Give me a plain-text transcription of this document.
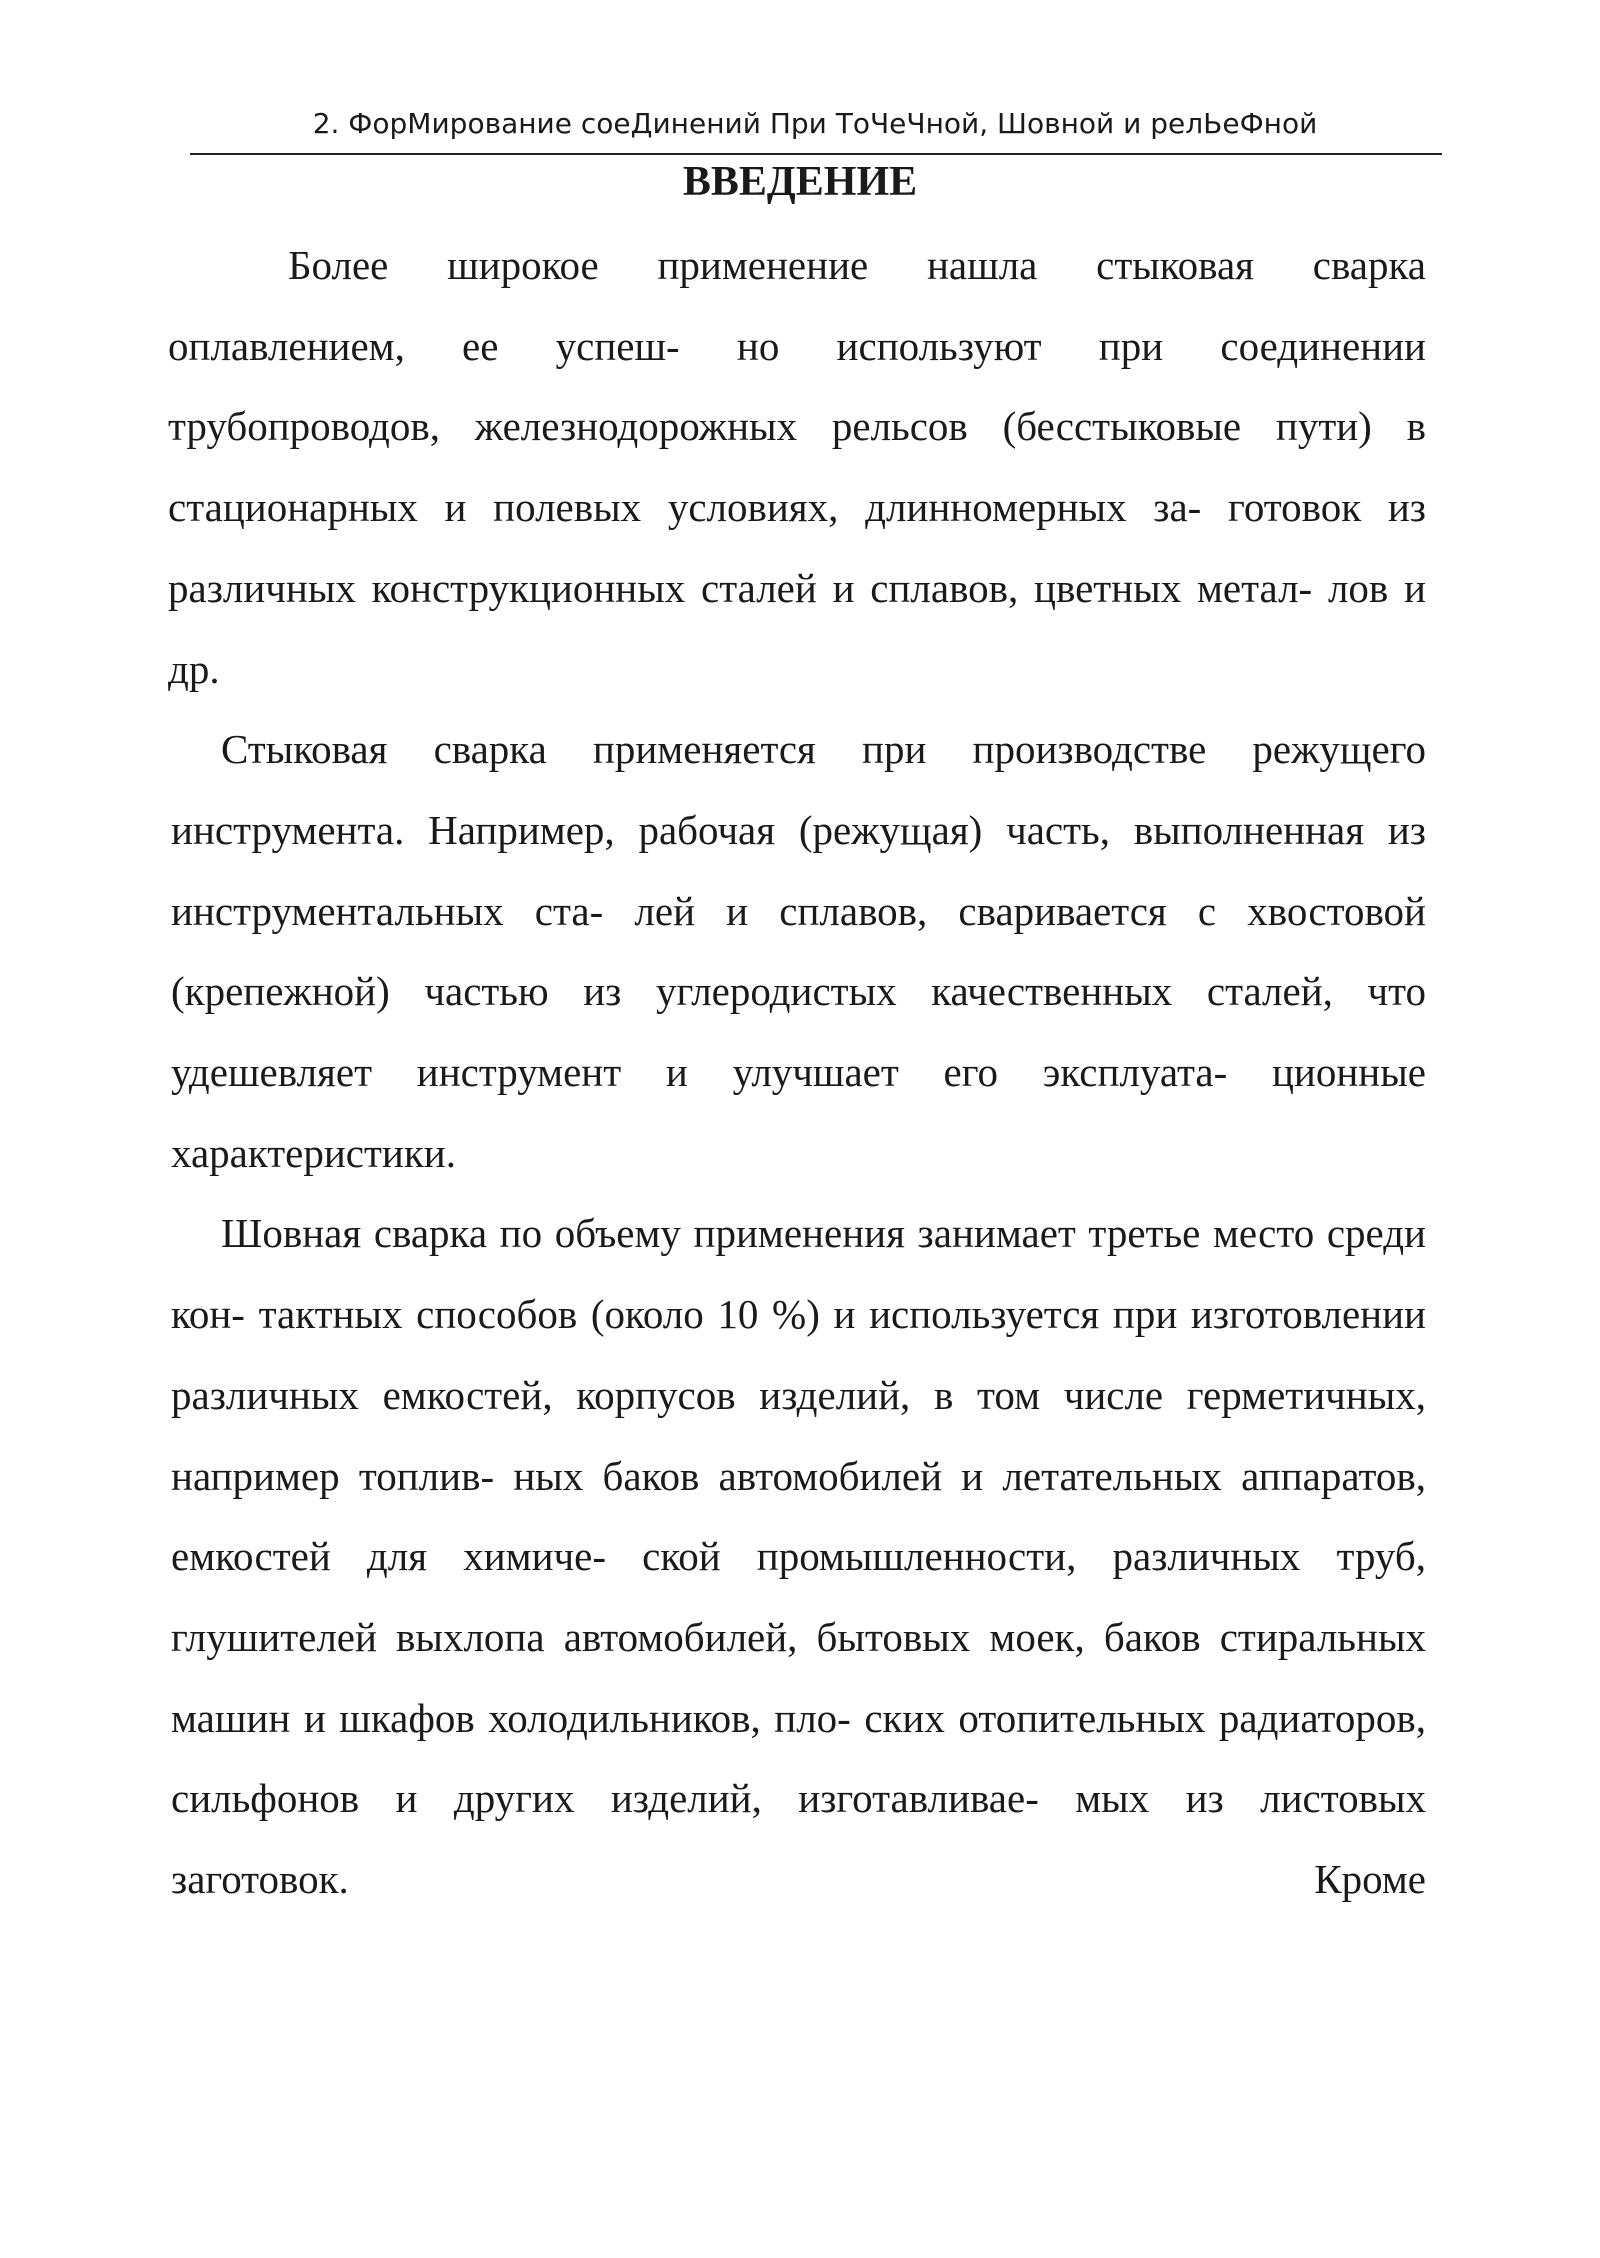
2. ФорМирование соеДинений При ТоЧеЧной, Шовной и релЬеФной
ВВЕДЕНИЕ

Более широкое применение нашла стыковая сварка оплавлением, ее успеш- но используют при соединении трубопроводов, железнодорожных рельсов (бесстыковые пути) в стационарных и полевых условиях, длинномерных за- готовок из различных конструкционных сталей и сплавов, цветных метал- лов и др.

Стыковая сварка применяется при производстве режущего инструмента. Например, рабочая (режущая) часть, выполненная из инструментальных ста- лей и сплавов, сваривается с хвостовой (крепежной) частью из углеродистых качественных сталей, что удешевляет инструмент и улучшает его эксплуата- ционные характеристики.

Шовная сварка по объему применения занимает третье место среди кон- тактных способов (около 10 %) и используется при изготовлении различных емкостей, корпусов изделий, в том числе герметичных, например топлив- ных баков автомобилей и летательных аппаратов, емкостей для химиче- ской промышленности, различных труб, глушителей выхлопа автомобилей, бытовых моек, баков стиральных машин и шкафов холодильников, пло- ских отопительных радиаторов, сильфонов и других изделий, изготавливае- мых из листовых заготовок. Кроме
